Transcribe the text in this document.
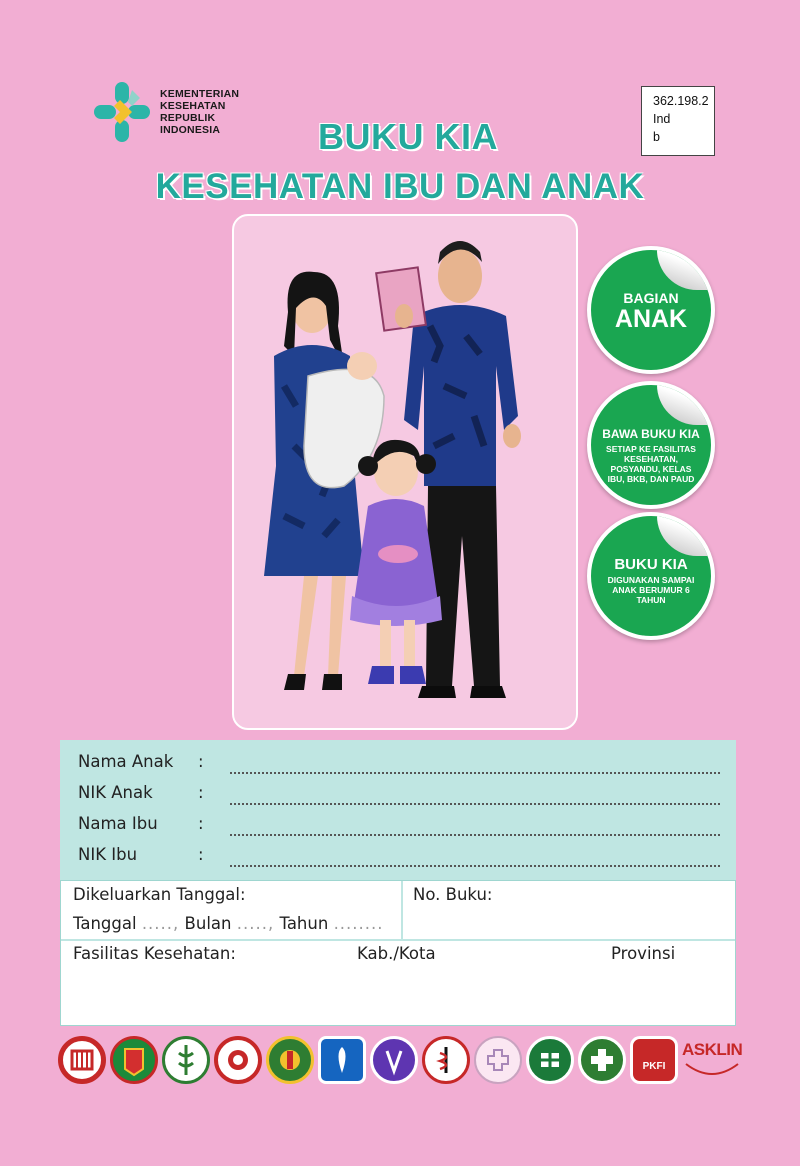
KEMENTERIAN
KESEHATAN
REPUBLIK
INDONESIA
362.198.2
Ind
b
BUKU KIA
KESEHATAN IBU DAN ANAK
BAGIAN
ANAK
BAWA BUKU KIA
SETIAP KE FASILITAS KESEHATAN, POSYANDU, KELAS IBU, BKB, DAN PAUD
BUKU KIA
DIGUNAKAN SAMPAI ANAK BERUMUR 6 TAHUN
Nama Anak :
NIK Anak	:
Nama Ibu :
NIK Ibu	:
Dikeluarkan Tanggal:
Tanggal ....., Bulan ....., Tahun ........
No. Buku:
Fasilitas Kesehatan:	Kab./Kota	Provinsi
PKFI
ASKLIN
